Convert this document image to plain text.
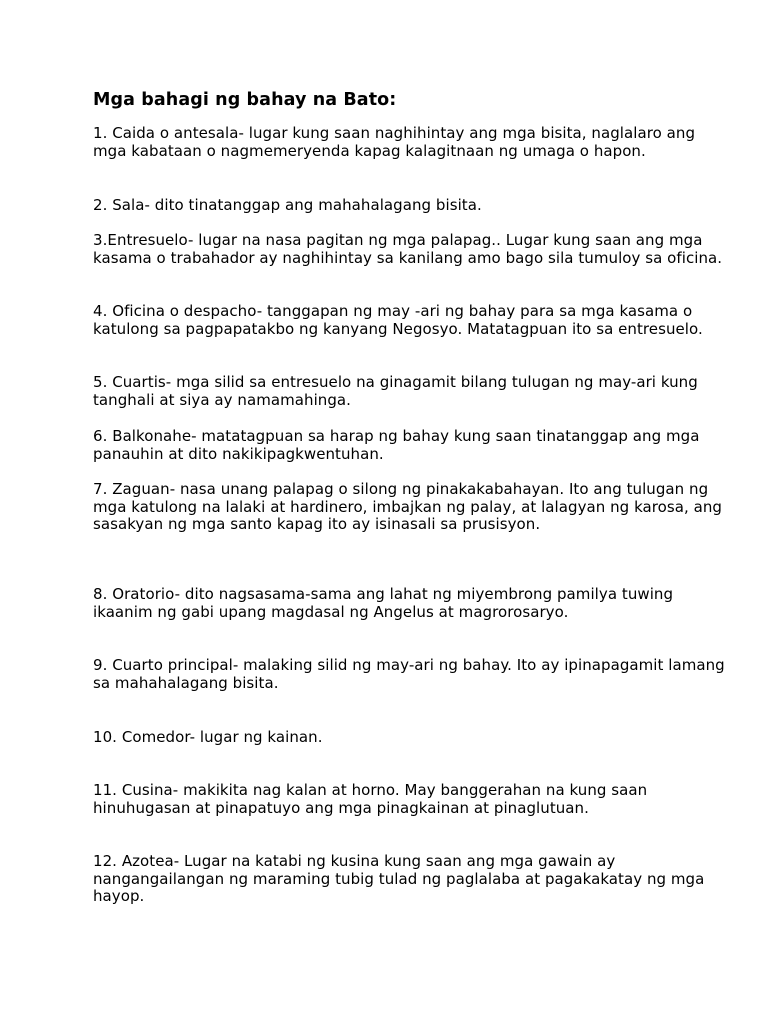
Mga bahagi ng bahay na Bato:

1. Caida o antesala- lugar kung saan naghihintay ang mga bisita, naglalaro ang mga kabataan o nagmemeryenda kapag kalagitnaan ng umaga o hapon.

2. Sala- dito tinatanggap ang mahahalagang bisita.

3.Entresuelo- lugar na nasa pagitan ng mga palapag.. Lugar kung saan ang mga kasama o trabahador ay naghihintay sa kanilang amo bago sila tumuloy sa oficina.

4. Oficina o despacho- tanggapan ng may -ari ng bahay para sa mga kasama o katulong sa pagpapatakbo ng kanyang Negosyo. Matatagpuan ito sa entresuelo.

5. Cuartis- mga silid sa entresuelo na ginagamit bilang tulugan ng may-ari kung tanghali at siya ay namamahinga.

6. Balkonahe- matatagpuan sa harap ng bahay kung saan tinatanggap ang mga panauhin at dito nakikipagkwentuhan.

7. Zaguan- nasa unang palapag o silong ng pinakakabahayan. Ito ang tulugan ng mga katulong na lalaki at hardinero, imbajkan ng palay, at lalagyan ng karosa, ang sasakyan ng mga santo kapag ito ay isinasali sa prusisyon.

8. Oratorio- dito nagsasama-sama ang lahat ng miyembrong pamilya tuwing ikaanim ng gabi upang magdasal ng Angelus at magrorosaryo.

9. Cuarto principal- malaking silid ng may-ari ng bahay. Ito ay ipinapagamit lamang sa mahahalagang bisita.

10. Comedor- lugar ng kainan.

11. Cusina- makikita nag kalan at horno. May banggerahan na kung saan hinuhugasan at pinapatuyo ang mga pinagkainan at pinaglutuan.

12. Azotea- Lugar na katabi ng kusina kung saan ang mga gawain ay nangangailangan ng maraming tubig tulad ng paglalaba at pagakakatay ng mga hayop.
